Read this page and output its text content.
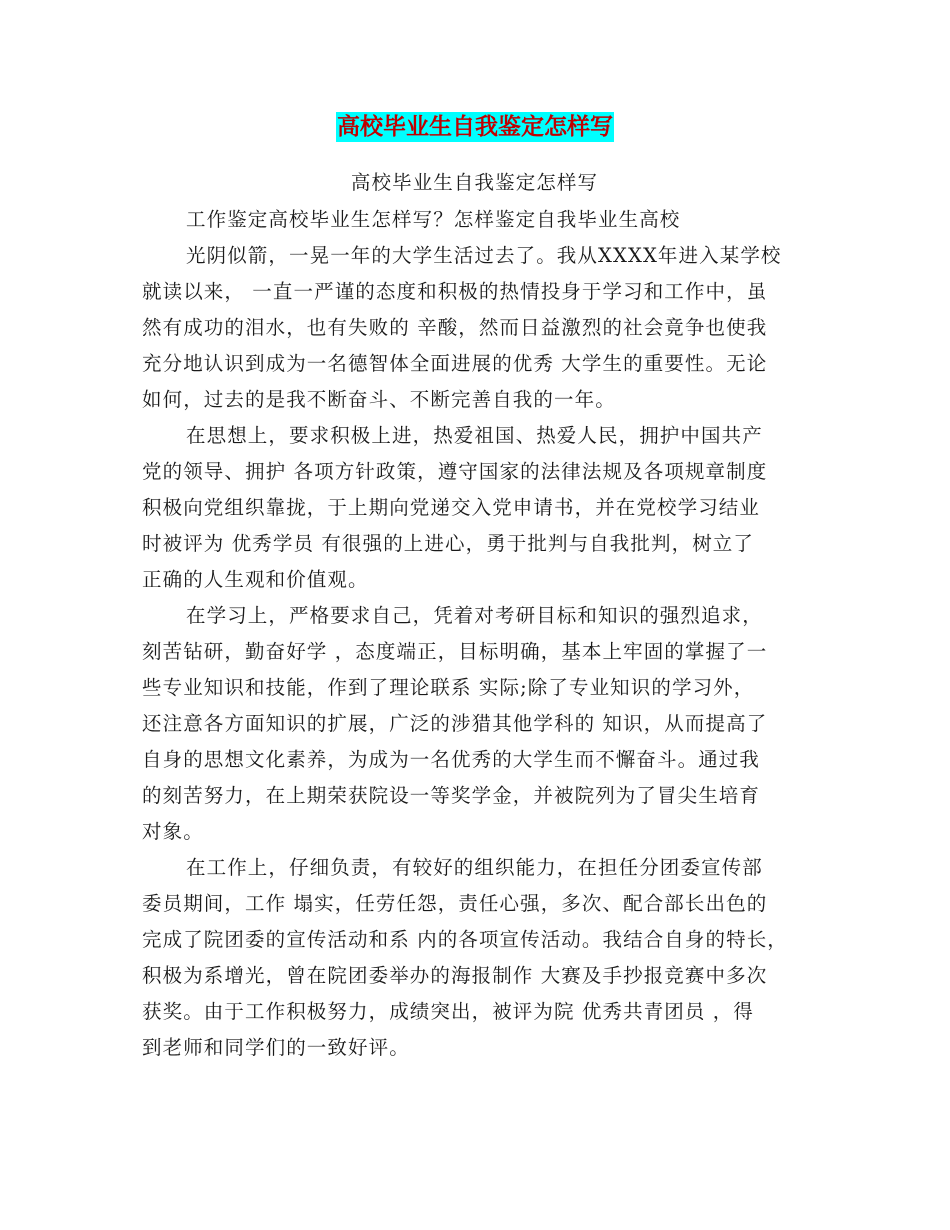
高校毕业生自我鉴定怎样写
高校毕业生自我鉴定怎样写
工作鉴定高校毕业生怎样写？怎样鉴定自我毕业生高校
光阴似箭，一晃一年的大学生活过去了。我从XXXX年进入某学校
就读以来， 一直一严谨的态度和积极的热情投身于学习和工作中，虽
然有成功的泪水，也有失败的 辛酸，然而日益激烈的社会竟争也使我
充分地认识到成为一名德智体全面进展的优秀 大学生的重要性。无论
如何，过去的是我不断奋斗、不断完善自我的一年。
在思想上，要求积极上进，热爱祖国、热爱人民，拥护中国共产
党的领导、拥护 各项方针政策，遵守国家的法律法规及各项规章制度
积极向党组织靠拢，于上期向党递交入党申请书，并在党校学习结业
时被评为 优秀学员 有很强的上进心，勇于批判与自我批判，树立了
正确的人生观和价值观。
在学习上，严格要求自己，凭着对考研目标和知识的强烈追求，
刻苦钻研，勤奋好学 ，态度端正，目标明确，基本上牢固的掌握了一
些专业知识和技能，作到了理论联系 实际;除了专业知识的学习外，
还注意各方面知识的扩展，广泛的涉猎其他学科的 知识，从而提高了
自身的思想文化素养，为成为一名优秀的大学生而不懈奋斗。通过我
的刻苦努力，在上期荣获院设一等奖学金，并被院列为了冒尖生培育
对象。
在工作上，仔细负责，有较好的组织能力，在担任分团委宣传部
委员期间，工作 塌实，任劳任怨，责任心强，多次、配合部长出色的
完成了院团委的宣传活动和系 内的各项宣传活动。我结合自身的特长，
积极为系增光，曾在院团委举办的海报制作 大赛及手抄报竞赛中多次
获奖。由于工作积极努力，成绩突出，被评为院 优秀共青团员 ，得
到老师和同学们的一致好评。
